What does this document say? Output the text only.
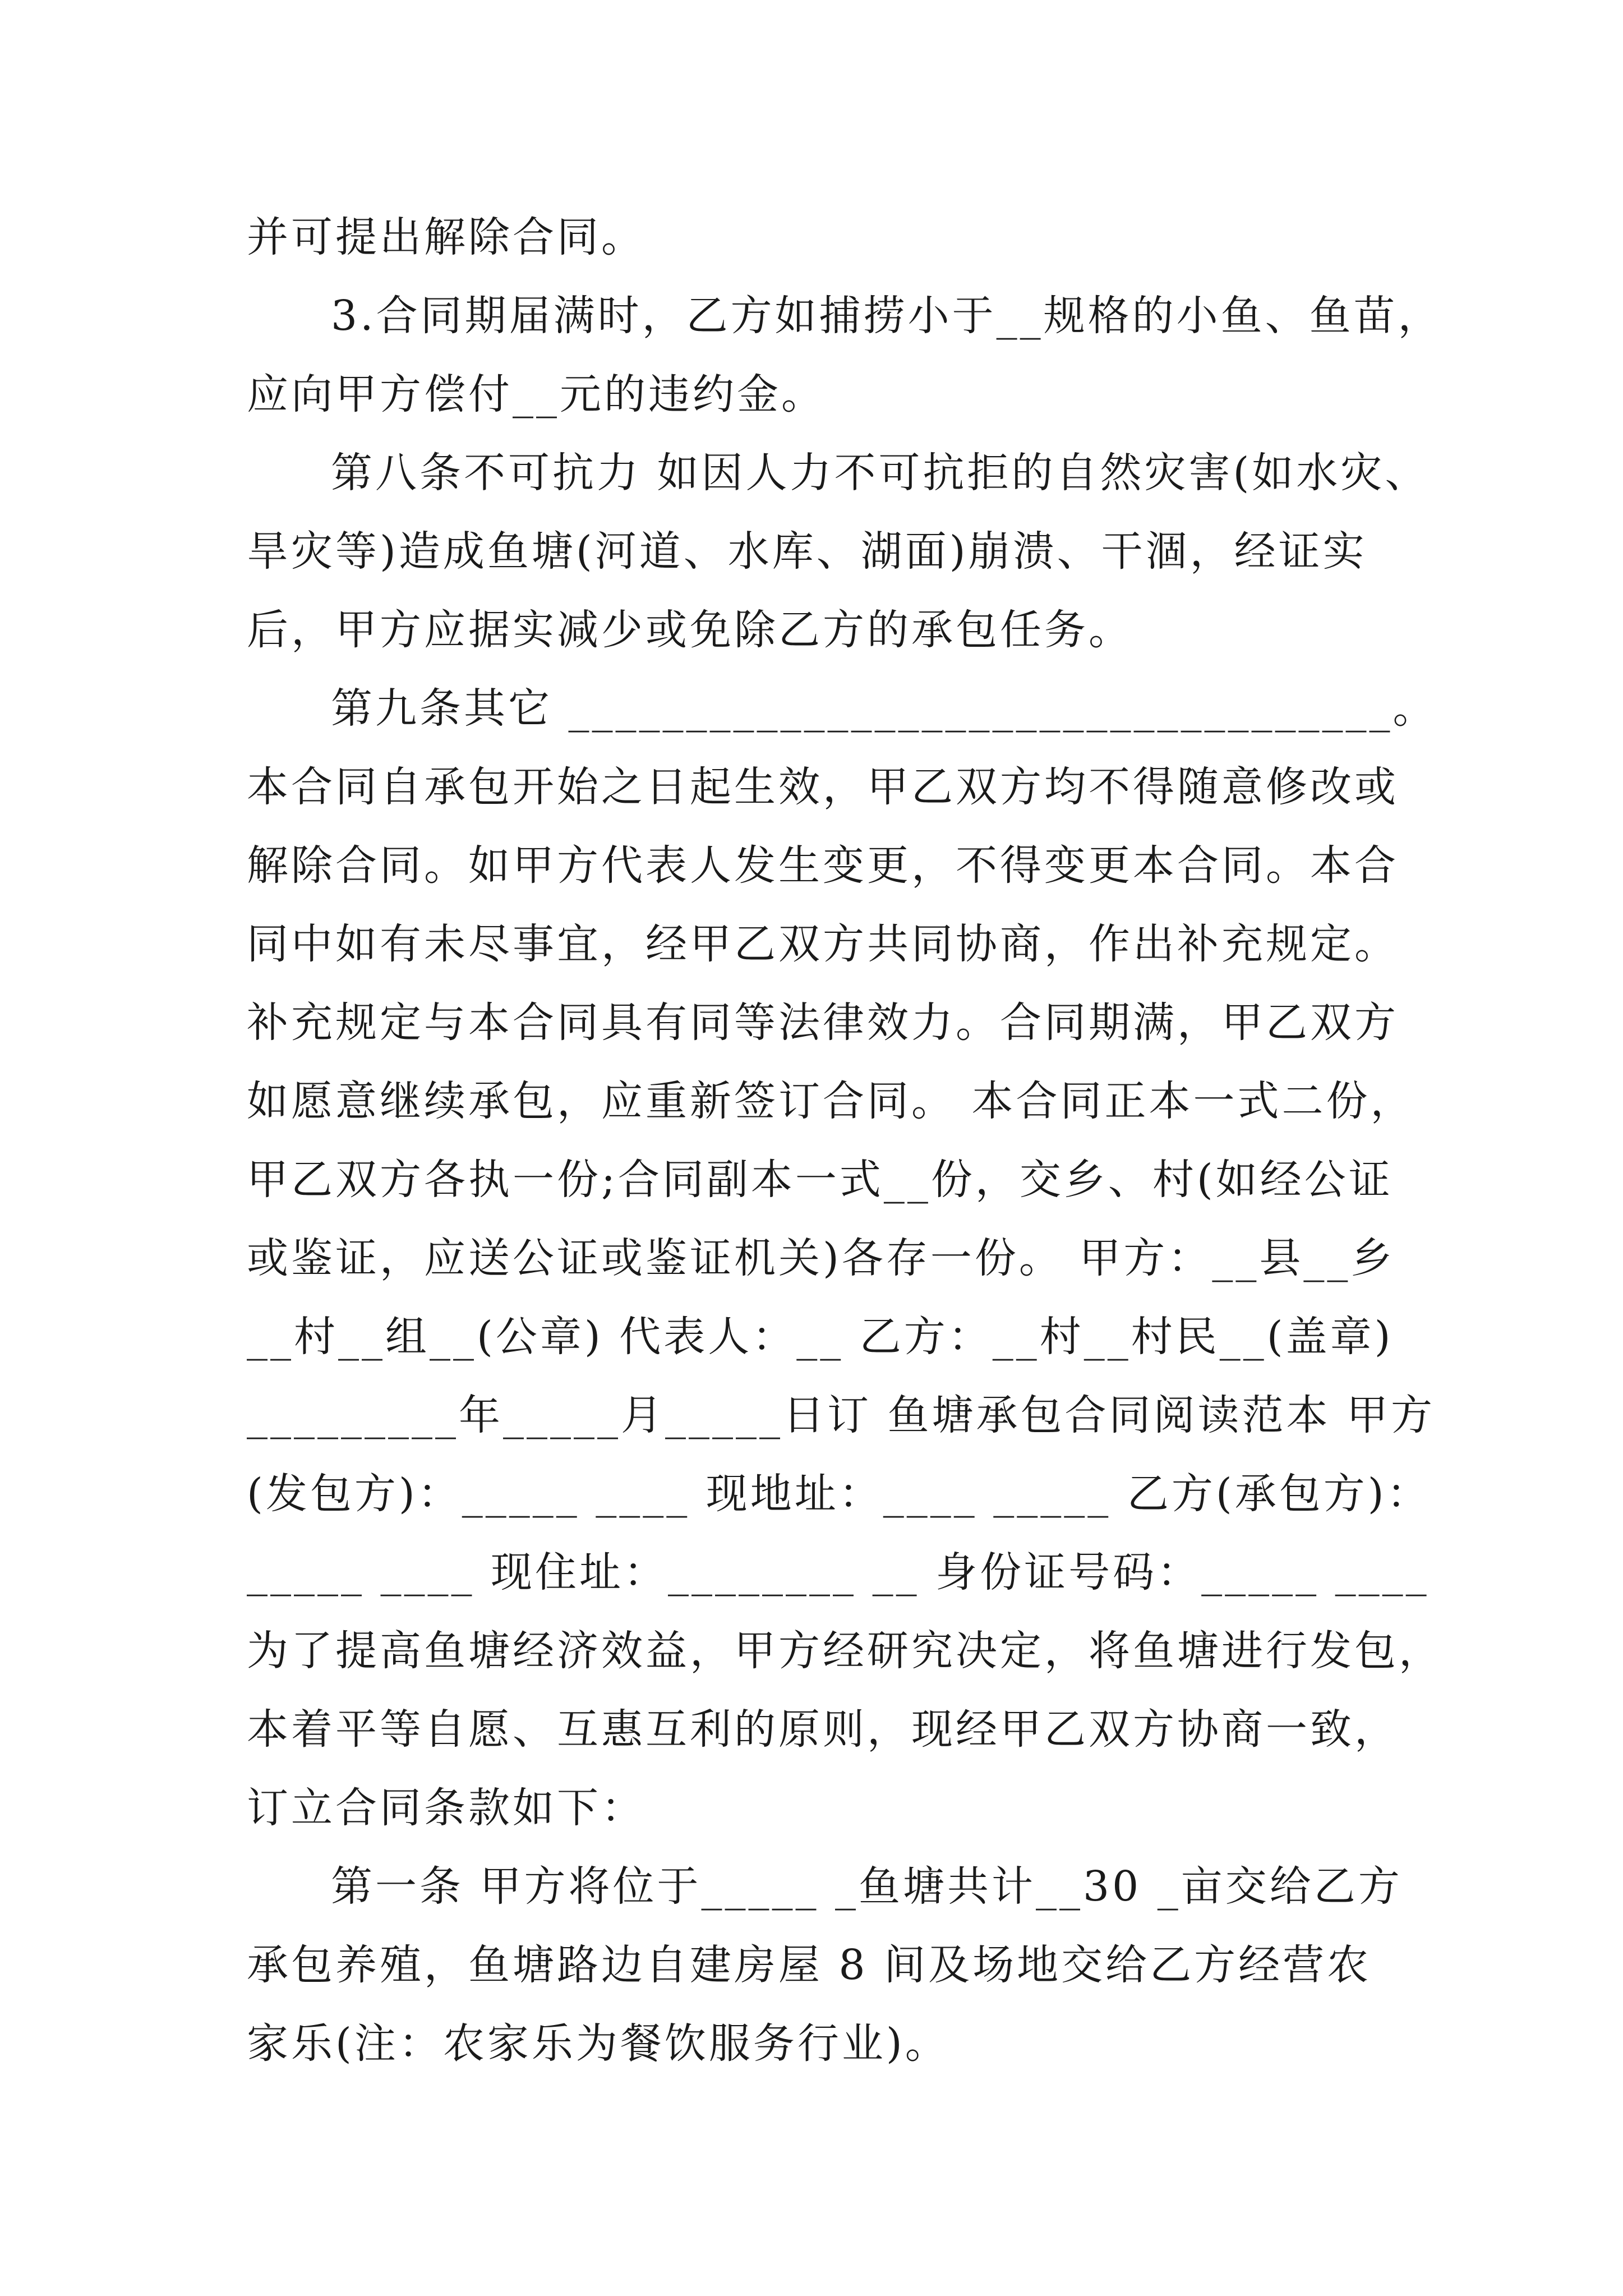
并可提出解除合同。
3.合同期届满时，乙方如捕捞小于__规格的小鱼、鱼苗，
应向甲方偿付__元的违约金。
第八条不可抗力 如因人力不可抗拒的自然灾害(如水灾、
旱灾等)造成鱼塘(河道、水库、湖面)崩溃、干涸，经证实
后，甲方应据实减少或免除乙方的承包任务。
第九条其它 ___________________________________。
本合同自承包开始之日起生效，甲乙双方均不得随意修改或
解除合同。如甲方代表人发生变更，不得变更本合同。本合
同中如有未尽事宜，经甲乙双方共同协商，作出补充规定。
补充规定与本合同具有同等法律效力。合同期满，甲乙双方
如愿意继续承包，应重新签订合同。 本合同正本一式二份，
甲乙双方各执一份;合同副本一式__份，交乡、村(如经公证
或鉴证，应送公证或鉴证机关)各存一份。 甲方：__县__乡
__村__组__(公章) 代表人：__ 乙方：__村__村民__(盖章)
_________年_____月_____日订 鱼塘承包合同阅读范本 甲方
(发包方)：_____ ____ 现地址：____ _____ 乙方(承包方)：
_____ ____ 现住址：________ __ 身份证号码：_____ ____
为了提高鱼塘经济效益，甲方经研究决定，将鱼塘进行发包，
本着平等自愿、互惠互利的原则，现经甲乙双方协商一致，
订立合同条款如下：
第一条 甲方将位于_____ _鱼塘共计__30 _亩交给乙方
承包养殖，鱼塘路边自建房屋 8 间及场地交给乙方经营农
家乐(注：农家乐为餐饮服务行业)。
